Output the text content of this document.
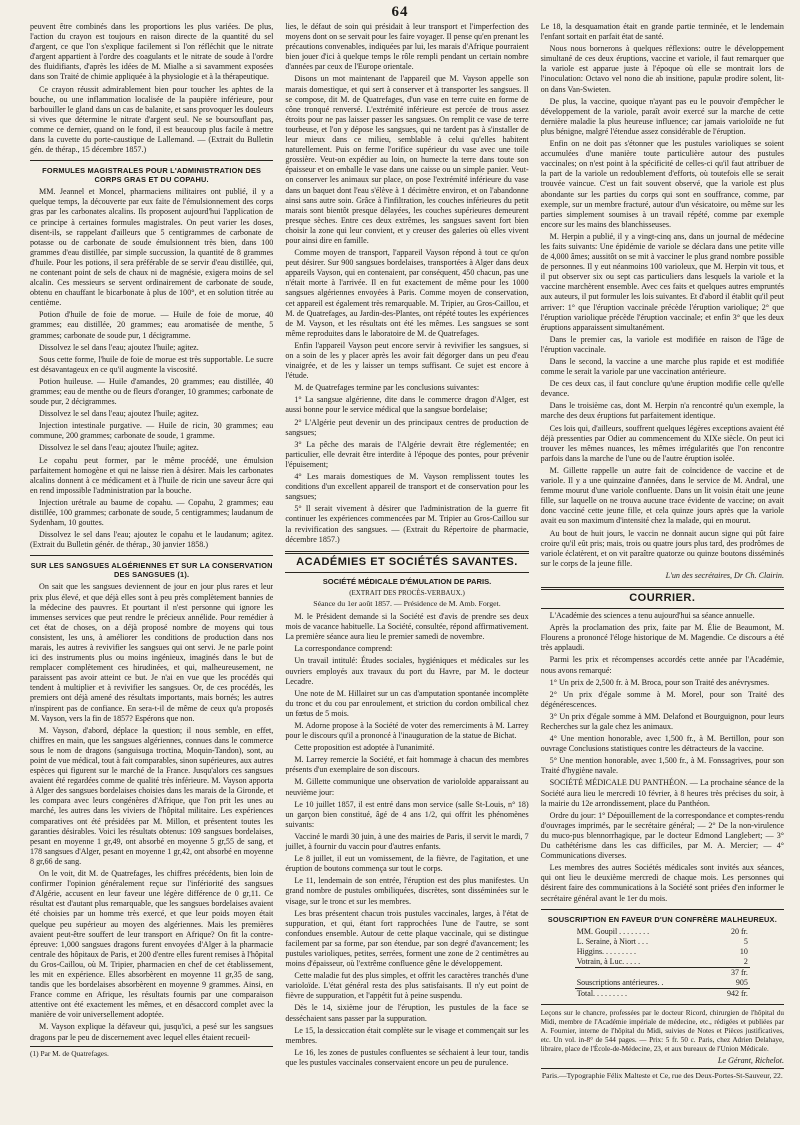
64

peuvent être combinés dans les proportions les plus variées. De plus, l'action du crayon est toujours en raison directe de la quantité du sel d'argent, ce que l'on s'explique facilement si l'on réfléchit que le nitrate d'argent appartient à l'ordre des coagulants et le nitrate de soude à l'ordre des fluidifiants, d'après les idées de M. Mialhe a si savamment exposées dans son Traité de chimie appliquée à la physiologie et à la thérapeutique.

Ce crayon réussit admirablement bien pour toucher les aphtes de la bouche, ou une inflammation localisée de la paupière inférieure, pour barbouiller le gland dans un cas de balanite, et sans provoquer les douleurs si vives que détermine le nitrate d'argent seul. Ne se boursouflant pas, comme ce dernier, quand on le fond, il est beaucoup plus facile à mettre dans la cuvette du porte-caustique de Lallemand. — (Extrait du Bulletin gén. de thérap., 15 décembre 1857.)

FORMULES MAGISTRALES POUR L'ADMINISTRATION DES CORPS GRAS ET DU COPAHU.

MM. Jeannel et Moncel, pharmaciens militaires ont publié, il y a quelque temps, la découverte par eux faite de l'émulsionnement des corps gras par les carbonates alcalins. Ils proposent aujourd'hui l'application de ce principe à certaines formules magistrales. On peut varier les doses, disent-ils, se rappelant d'ailleurs que 5 centigrammes de carbonate de potasse ou de carbonate de soude émulsionnent très bien, dans 100 grammes d'eau distillée, par simple succussion, la quantité de 8 grammes d'huile. Pour les potions, il sera préférable de se servir d'eau distillée, qui, ne contenant point de sels de chaux ni de magnésie, exigera moins de sel alcalin. Ces messieurs se servent ordinairement de carbonate de soude, obtenu en chauffant le bicarbonate à plus de 100°, et en solution titrée au centième.

Potion d'huile de foie de morue. — Huile de foie de morue, 40 grammes; eau distillée, 20 grammes; eau aromatisée de menthe, 5 grammes; carbonate de soude pur, 1 décigramme.

Dissolvez le sel dans l'eau; ajoutez l'huile; agitez.

Sous cette forme, l'huile de foie de morue est très supportable. Le sucre est désavantageux en ce qu'il augmente la viscosité.

Potion huileuse. — Huile d'amandes, 20 grammes; eau distillée, 40 grammes; eau de menthe ou de fleurs d'oranger, 10 grammes; carbonate de soude pur, 2 décigrammes.

Dissolvez le sel dans l'eau; ajoutez l'huile; agitez.

Injection intestinale purgative. — Huile de ricin, 30 grammes; eau commune, 200 grammes; carbonate de soude, 1 gramme.

Dissolvez le sel dans l'eau; ajoutez l'huile; agitez.

Le copahu peut former, par le même procédé, une émulsion parfaitement homogène et qui ne laisse rien à désirer. Mais les carbonates alcalins donnent à ce médicament et à l'huile de ricin une saveur âcre qui en rend impossible l'administration par la bouche.

Injection urétrale au baume de copahu. — Copahu, 2 grammes; eau distillée, 100 grammes; carbonate de soude, 5 centigrammes; laudanum de Sydenham, 10 gouttes.

Dissolvez le sel dans l'eau; ajoutez le copahu et le laudanum; agitez. (Extrait du Bulletin génér. de thérap., 30 janvier 1858.)

SUR LES SANGSUES ALGÉRIENNES ET SUR LA CONSERVATION DES SANGSUES (1).

On sait que les sangsues deviennent de jour en jour plus rares et leur prix plus élevé, et que déjà elles sont à peu près complètement bannies de la médecine des pauvres. Et pourtant il n'est personne qui ignore les immenses services que peut rendre le précieux annélide. Pour remédier à cet état de choses, on a déjà proposé nombre de moyens qui tous consistent, les uns, à améliorer les conditions de production dans nos marais, les autres à revivifier les sangsues qui ont servi. Je ne parle point ici des instruments plus ou moins ingénieux, imaginés dans le but de remplacer complètement ces hirudinées, et qui, malheureusement, ne paraissent pas avoir atteint ce but. Je n'ai en vue que les procédés qui tendent à multiplier et à revivifier les sangsues. Or, de ces procédés, les premiers ont déjà amené des résultats importants, mais bornés; les autres n'inspirent pas de confiance. En sera-t-il de même de ceux qu'a proposés M. Vayson, vers la fin de 1857? Espérons que non.

M. Vayson, d'abord, déplace la question; il nous semble, en effet, chiffres en main, que les sangsues algériennes, connues dans le commerce sous le nom de dragons (sanguisuga troctina, Moquin-Tandon), sont, au point de vue médical, tout à fait comparables, sinon supérieures, aux autres espèces qui figurent sur le marché de la France. Jusqu'alors ces sangsues avaient été regardées comme de qualité très inférieure. M. Vayson apporta à Alger des sangsues bordelaises choisies dans les marais de la Gironde, et les compara avec leurs congénères d'Afrique, que l'on prit les unes au marché, les autres dans les viviers de l'hôpital militaire. Les expériences comparatives ont été présidées par M. Millon, et présentent toutes les garanties désirables. Voici les résultats obtenus: 109 sangsues bordelaises, pesant en moyenne 1 gr,49, ont absorbé en moyenne 5 gr,55 de sang, et 178 sangsues d'Alger, pesant en moyenne 1 gr,42, ont absorbé en moyenne 8 gr,66 de sang.

On le voit, dit M. de Quatrefages, les chiffres précédents, bien loin de confirmer l'opinion généralement reçue sur l'infériorité des sangsues d'Algérie, accusent en leur faveur une légère différence de 0 gr,11. Ce résultat est d'autant plus remarquable, que les sangsues bordelaises avaient été choisies par un homme très exercé, et que leur poids moyen était quelque peu supérieur au moyen des algériennes. Mais les premières avaient peut-être souffert de leur transport en Afrique? On fit la contre-épreuve: 1,000 sangsues dragons furent envoyées d'Alger à la pharmacie centrale des hôpitaux de Paris, et 200 d'entre elles furent remises à l'hôpital du Gros-Caillou, où M. Tripier, pharmacien en chef de cet établissement, les mit en expérience. Elles absorbèrent en moyenne 11 gr,35 de sang, tandis que les bordelaises absorbèrent en moyenne 9 grammes. Ainsi, en France comme en Afrique, les résultats fournis par une comparaison attentive ont été exactement les mêmes, et en désaccord complet avec la manière de voir universellement adoptée.

M. Vayson explique la défaveur qui, jusqu'ici, a pesé sur les sangsues dragons par le peu de discernement avec lequel elles étaient recueil-

(1) Par M. de Quatrefages.

lies, le défaut de soin qui présidait à leur transport et l'imperfection des moyens dont on se servait pour les faire voyager. Il pense qu'en prenant les précautions convenables, indiquées par lui, les marais d'Afrique pourraient bien jouer d'ici à quelque temps le rôle rempli pendant un certain nombre d'années par ceux de l'Europe orientale.

Disons un mot maintenant de l'appareil que M. Vayson appelle son marais domestique, et qui sert à conserver et à transporter les sangsues. Il se compose, dit M. de Quatrefages, d'un vase en terre cuite en forme de cône tronqué renversé. L'extrémité inférieure est percée de trous assez étroits pour ne pas laisser passer les sangsues. On remplit ce vase de terre tourbeuse, et l'on y dépose les sangsues, qui ne tardent pas à s'installer de leur mieux dans ce milieu, semblable à celui qu'elles habitent naturellement. Puis on ferme l'orifice supérieur du vase avec une toile grossière. Veut-on expédier au loin, on humecte la terre dans toute son épaisseur et on emballe le vase dans une caisse ou un simple panier. Veut-on conserver les animaux sur place, on pose l'extrémité inférieure du vase dans un baquet dont l'eau s'élève à 1 décimètre environ, et on l'abandonne ainsi sans autre soin. Grâce à l'infiltration, les couches inférieures du petit marais sont bientôt presque délayées, les couches supérieures demeurent presque sèches. Entre ces deux extrêmes, les sangsues savent fort bien choisir la zone qui leur convient, et y creuser des galeries où elles vivent pour ainsi dire en famille.

Comme moyen de transport, l'appareil Vayson répond à tout ce qu'on peut désirer. Sur 900 sangsues bordelaises, transportées à Alger dans deux appareils Vayson, qui en contenaient, par conséquent, 450 chacun, pas une n'était morte à l'arrivée. Il en fut exactement de même pour les 1000 sangsues algériennes envoyées à Paris. Comme moyen de conservation, cet appareil est également très remarquable. M. Tripier, au Gros-Caillou, et M. de Quatrefages, au Jardin-des-Plantes, ont répété toutes les expériences de M. Vayson, et les résultats ont été les mêmes. Les sangsues se sont même reproduites dans le laboratoire de M. de Quatrefages.

Enfin l'appareil Vayson peut encore servir à revivifier les sangsues, si on a soin de les y placer après les avoir fait dégorger dans un peu d'eau vinaigrée, et de les y laisser un temps suffisant. Ce sujet est encore à l'étude.

M. de Quatrefages termine par les conclusions suivantes:

1° La sangsue algérienne, dite dans le commerce dragon d'Alger, est aussi bonne pour le service médical que la sangsue bordelaise;

2° L'Algérie peut devenir un des principaux centres de production de sangsues;

3° La pêche des marais de l'Algérie devrait être réglementée; en particulier, elle devrait être interdite à l'époque des pontes, pour prévenir l'épuisement;

4° Les marais domestiques de M. Vayson remplissent toutes les conditions d'un excellent appareil de transport et de conservation pour les sangsues;

5° Il serait vivement à désirer que l'administration de la guerre fit continuer les expériences commencées par M. Tripier au Gros-Caillou sur la revivification des sangsues. — (Extrait du Répertoire de pharmacie, décembre 1857.)

ACADÉMIES ET SOCIÉTÉS SAVANTES.
SOCIÉTÉ MÉDICALE D'ÉMULATION DE PARIS.
(EXTRAIT DES PROCÈS-VERBAUX.)
Séance du 1er août 1857. — Présidence de M. Amb. Forget.

M. le Président demande si la Société est d'avis de prendre ses deux mois de vacance habituelle. La Société, consultée, répond affirmativement. La première séance aura lieu le premier samedi de novembre.

La correspondance comprend:

Un travail intitulé: Études sociales, hygiéniques et médicales sur les ouvriers employés aux travaux du port du Havre, par M. le docteur Lecadre.

Une note de M. Hillairet sur un cas d'amputation spontanée incomplète du tronc et du cou par enroulement, et striction du cordon ombilical chez un fœtus de 5 mois.

M. Adorne propose à la Société de voter des remerciments à M. Larrey pour le discours qu'il a prononcé à l'inauguration de la statue de Bichat.

Cette proposition est adoptée à l'unanimité.

M. Larrey remercie la Société, et fait hommage à chacun des membres présents d'un exemplaire de son discours.

M. Gillette communique une observation de varioloïde apparaissant au neuvième jour:

Le 10 juillet 1857, il est entré dans mon service (salle St-Louis, n° 18) un garçon bien constitué, âgé de 4 ans 1/2, qui offrit les phénomènes suivants:

Vacciné le mardi 30 juin, à une des mairies de Paris, il servit le mardi, 7 juillet, à fournir du vaccin pour d'autres enfants.

Le 8 juillet, il eut un vomissement, de la fièvre, de l'agitation, et une éruption de boutons commença sur tout le corps.

Le 11, lendemain de son entrée, l'éruption est des plus manifestes. Un grand nombre de pustules ombiliquées, discrètes, sont disséminées sur le visage, sur le tronc et sur les membres.

Les bras présentent chacun trois pustules vaccinales, larges, à l'état de suppuration, et qui, étant fort rapprochées l'une de l'autre, se sont confondues ensemble. Autour de cette plaque vaccinale, qui se distingue facilement par sa forme, par son étendue, par son degré d'avancement; les pustules varioliques, petites, serrées, forment une zone de 2 centimètres au moins d'épaisseur, où l'extrême confluence gêne le développement.

Cette maladie fut des plus simples, et offrit les caractères tranchés d'une varioloïde. L'état général resta des plus satisfaisants. Il n'y eut point de fièvre de suppuration, et l'appétit fut à peine suspendu.

Dès le 14, sixième jour de l'éruption, les pustules de la face se desséchaient sans passer par la suppuration.

Le 15, la dessiccation était complète sur le visage et commençait sur les membres.

Le 16, les zones de pustules confluentes se séchaient à leur tour, tandis que les pustules vaccinales conservaient encore un peu de purulence.

Le 18, la desquamation était en grande partie terminée, et le lendemain l'enfant sortait en parfait état de santé.

Nous nous bornerons à quelques réflexions: outre le développement simultané de ces deux éruptions, vaccine et variole, il faut remarquer que la variole est apparue juste à l'époque où elle se montrait lors de l'inoculation: Octavo vel nono die ab insitione, papulæ prodire solent, lit-on dans Van-Swieten.

De plus, la vaccine, quoique n'ayant pas eu le pouvoir d'empêcher le développement de la variole, paraît avoir exercé sur la marche de cette dernière maladie la plus heureuse influence; car jamais varioloïde ne fut plus bénigne, malgré l'étendue assez considérable de l'éruption.

Enfin on ne doit pas s'étonner que les pustules varioliques se soient accumulées d'une manière toute particulière autour des pustules vaccinales; on n'est point à la spécificité de celles-ci qu'il faut attribuer de la part de la variole un redoublement d'efforts, où toutefois elle se serait trouvée vaincue. C'est un fait souvent observé, que la variole est plus abondante sur les parties du corps qui sont en souffrance, comme, par exemple, sur un membre fracturé, autour d'un vésicatoire, ou même sur les parties simplement soumises à un travail répété, comme par exemple encore sur les mains des blanchisseuses.

M. Herpin a publié, il y a vingt-cinq ans, dans un journal de médecine les faits suivants: Une épidémie de variole se déclara dans une petite ville de 4,000 âmes; aussitôt on se mit à vacciner le plus grand nombre possible de personnes. Il y eut néanmoins 100 varioleux, que M. Herpin vit tous, et il put observer six ou sept cas particuliers dans lesquels la variole et la vaccine marchèrent ensemble. Avec ces faits et quelques autres empruntés aux auteurs, il put formuler les lois suivantes. Et d'abord il établit qu'il peut arriver: 1° que l'éruption vaccinale précède l'éruption variolique; 2° que l'éruption variolique précède l'éruption vaccinale; et enfin 3° que les deux éruptions apparaissent simultanément.

Dans le premier cas, la variole est modifiée en raison de l'âge de l'éruption vaccinale.

Dans le second, la vaccine a une marche plus rapide et est modifiée comme le serait la variole par une vaccination antérieure.

De ces deux cas, il faut conclure qu'une éruption modifie celle qu'elle devance.

Dans le troisième cas, dont M. Herpin n'a rencontré qu'un exemple, la marche des deux éruptions fut parfaitement identique.

Ces lois qui, d'ailleurs, souffrent quelques légères exceptions avaient été déjà pressenties par Odier au commencement du XIXe siècle. On peut ici trouver les mêmes nuances, les mêmes irrégularités que l'on rencontre parfois dans la marche de l'une ou de l'autre éruption isolée.

M. Gillette rappelle un autre fait de coïncidence de vaccine et de variole. Il y a une quinzaine d'années, dans le service de M. Andral, une femme mourut d'une variole confluente. Dans un lit voisin était une jeune fille, sur laquelle on ne trouva aucune trace évidente de vaccine; on avait donc vacciné cette jeune fille, et cela quinze jours après que la variole avait eu son maximum d'intensité chez la malade, qui en mourut.

Au bout de huit jours, le vaccin ne donnait aucun signe qui pût faire croire qu'il eût pris; mais, trois ou quatre jours plus tard, des prodrômes de variole éclatèrent, et on vit paraître quatorze ou quinze boutons disséminés sur le corps de la jeune fille.

L'un des secrétaires, Dr Ch. Clairin.
COURRIER.

L'Académie des sciences a tenu aujourd'hui sa séance annuelle.

Après la proclamation des prix, faite par M. Élie de Beaumont, M. Flourens a prononcé l'éloge historique de M. Magendie. Ce discours a été très applaudi.

Parmi les prix et récompenses accordés cette année par l'Académie, nous avons remarqué:

1° Un prix de 2,500 fr. à M. Broca, pour son Traité des anévrysmes.

2° Un prix d'égale somme à M. Morel, pour son Traité des dégénérescences.

3° Un prix d'égale somme à MM. Delafond et Bourguignon, pour leurs Recherches sur la gale chez les animaux.

4° Une mention honorable, avec 1,500 fr., à M. Bertillon, pour son ouvrage Conclusions statistiques contre les détracteurs de la vaccine.

5° Une mention honorable, avec 1,500 fr., à M. Fonssagrives, pour son Traité d'hygiène navale.

SOCIÉTÉ MÉDICALE DU PANTHÉON. — La prochaine séance de la Société aura lieu le mercredi 10 février, à 8 heures très précises du soir, à la mairie du 12e arrondissement, place du Panthéon.

Ordre du jour: 1° Dépouillement de la correspondance et comptes-rendu d'ouvrages imprimés, par le secrétaire général; — 2° De la non-virulence du muco-pus blennorrhagique, par le docteur Edmond Langlebert; — 3° Du cathétérisme dans les cas difficiles, par M. A. Mercier; — 4° Communications diverses.

Les membres des autres Sociétés médicales sont invités aux séances, qui ont lieu le deuxième mercredi de chaque mois. Les personnes qui désirent faire des communications à la Société sont priées d'en informer le secrétaire général avant le 1er du mois.

SOUSCRIPTION EN FAVEUR D'UN CONFRÈRE MALHEUREUX.
MM. Goupil . . . . . . . .	20 fr.
L. Seraine, à Niort . . .	5
Higgins. . . . . . . . .	10
Votrain, à Luc. . . . .	2
	37 fr.
Souscriptions antérieures. .	905
Total. . . . . . . . .	942 fr.
Leçons sur le chancre, professées par le docteur Ricord, chirurgien de l'hôpital du Midi, membre de l'Académie impériale de médecine, etc., rédigées et publiées par A. Fournier, interne de l'hôpital du Midi, suivies de Notes et Pièces justificatives, etc. Un vol. in-8° de 544 pages. — Prix: 5 fr. 50 c. Paris, chez Adrien Delahaye, libraire, place de l'École-de-Médecine, 23, et aux bureaux de l'Union Médicale.
Le Gérant, Richelot.
Paris.—Typographie Félix Malteste et Ce, rue des Deux-Portes-St-Sauveur, 22.
